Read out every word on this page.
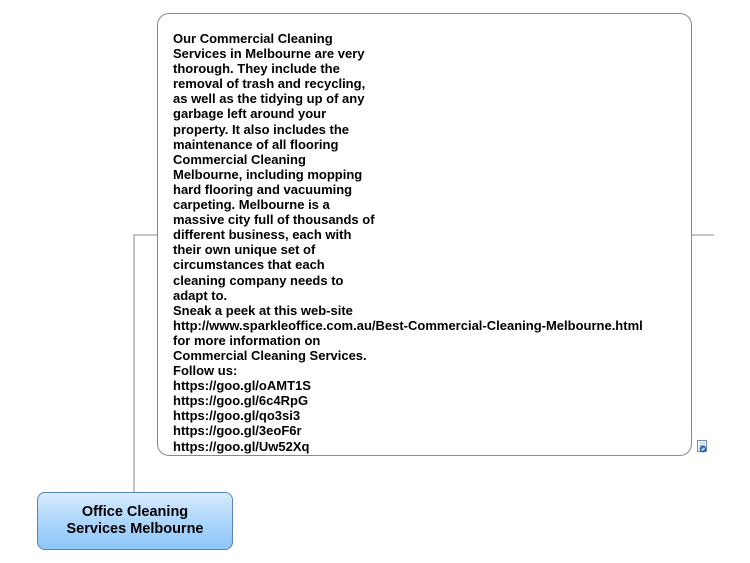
Our Commercial Cleaning
Services in Melbourne are very
thorough. They include the
removal of trash and recycling,
as well as the tidying up of any
garbage left around your
property. It also includes the
maintenance of all flooring
Commercial Cleaning
Melbourne, including mopping
hard flooring and vacuuming
carpeting. Melbourne is a
massive city full of thousands of
different business, each with
their own unique set of
circumstances that each
cleaning company needs to
adapt to.
Sneak a peek at this web-site
http://www.sparkleoffice.com.au/Best-Commercial-Cleaning-Melbourne.html
for more information on
Commercial Cleaning Services.
Follow us:
https://goo.gl/oAMT1S
https://goo.gl/6c4RpG
https://goo.gl/qo3si3
https://goo.gl/3eoF6r
https://goo.gl/Uw52Xq

Office Cleaning
Services Melbourne
